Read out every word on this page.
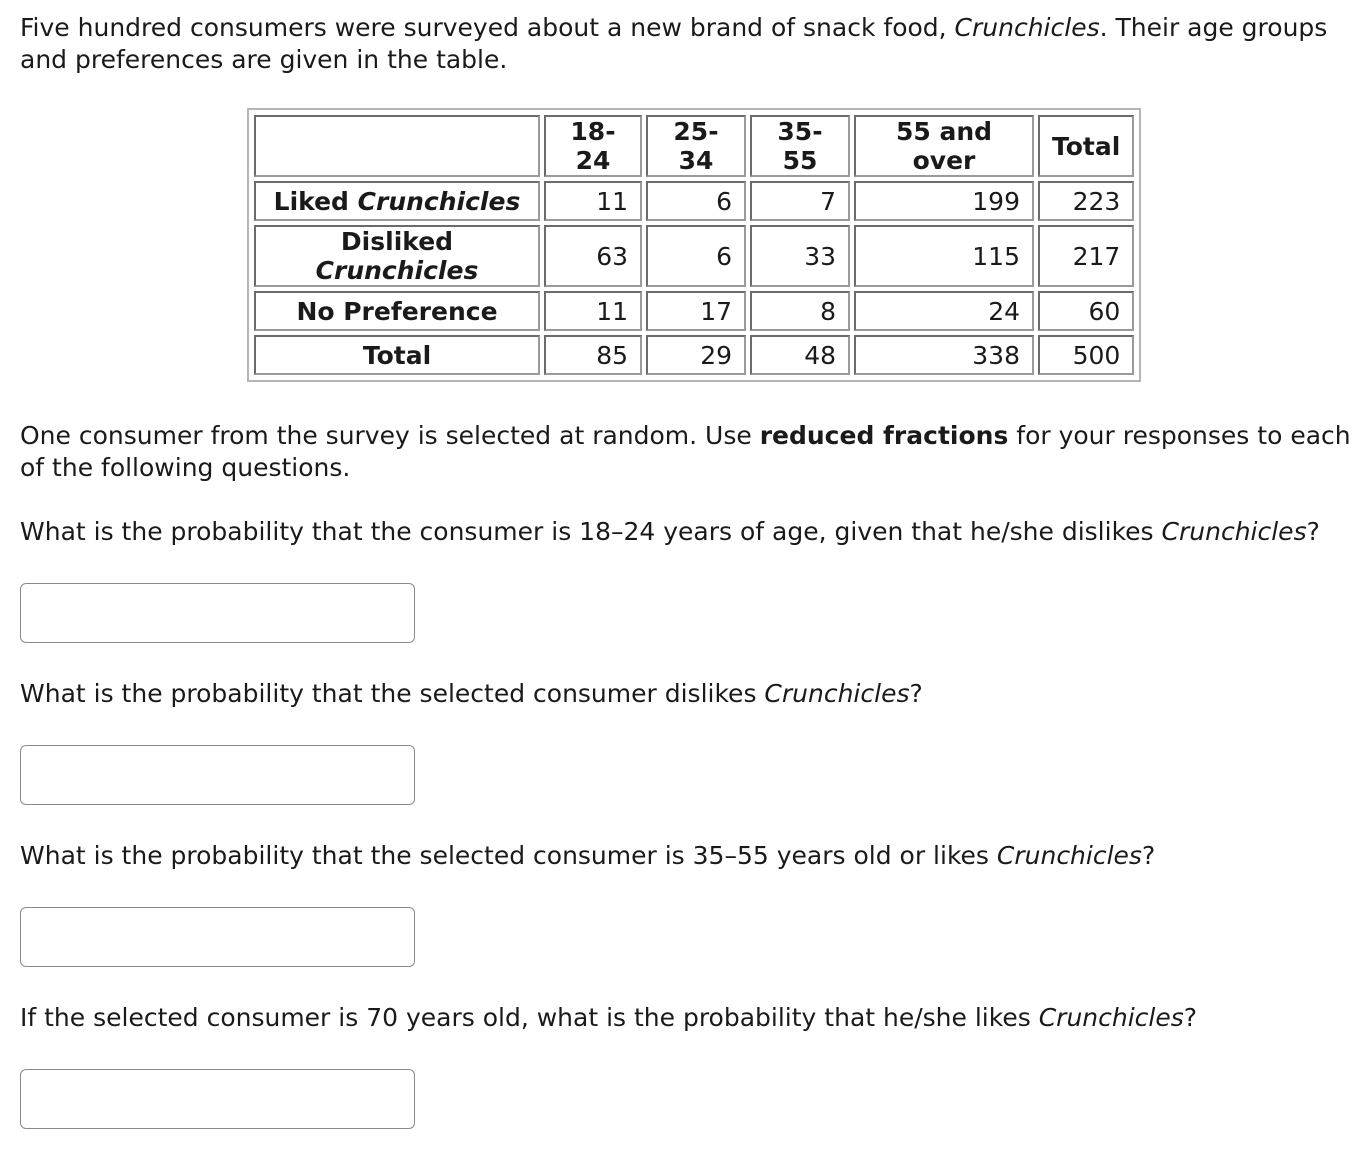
Five hundred consumers were surveyed about a new brand of snack food, Crunchicles. Their age groups and preferences are given in the table.

	18-24	25-34	35-55	55 and over	Total
Liked Crunchicles	11	6	7	199	223
Disliked Crunchicles	63	6	33	115	217
No Preference	11	17	8	24	60
Total	85	29	48	338	500

One consumer from the survey is selected at random. Use reduced fractions for your responses to each of the following questions.

What is the probability that the consumer is 18–24 years of age, given that he/she dislikes Crunchicles?

What is the probability that the selected consumer dislikes Crunchicles?

What is the probability that the selected consumer is 35–55 years old or likes Crunchicles?

If the selected consumer is 70 years old, what is the probability that he/she likes Crunchicles?
